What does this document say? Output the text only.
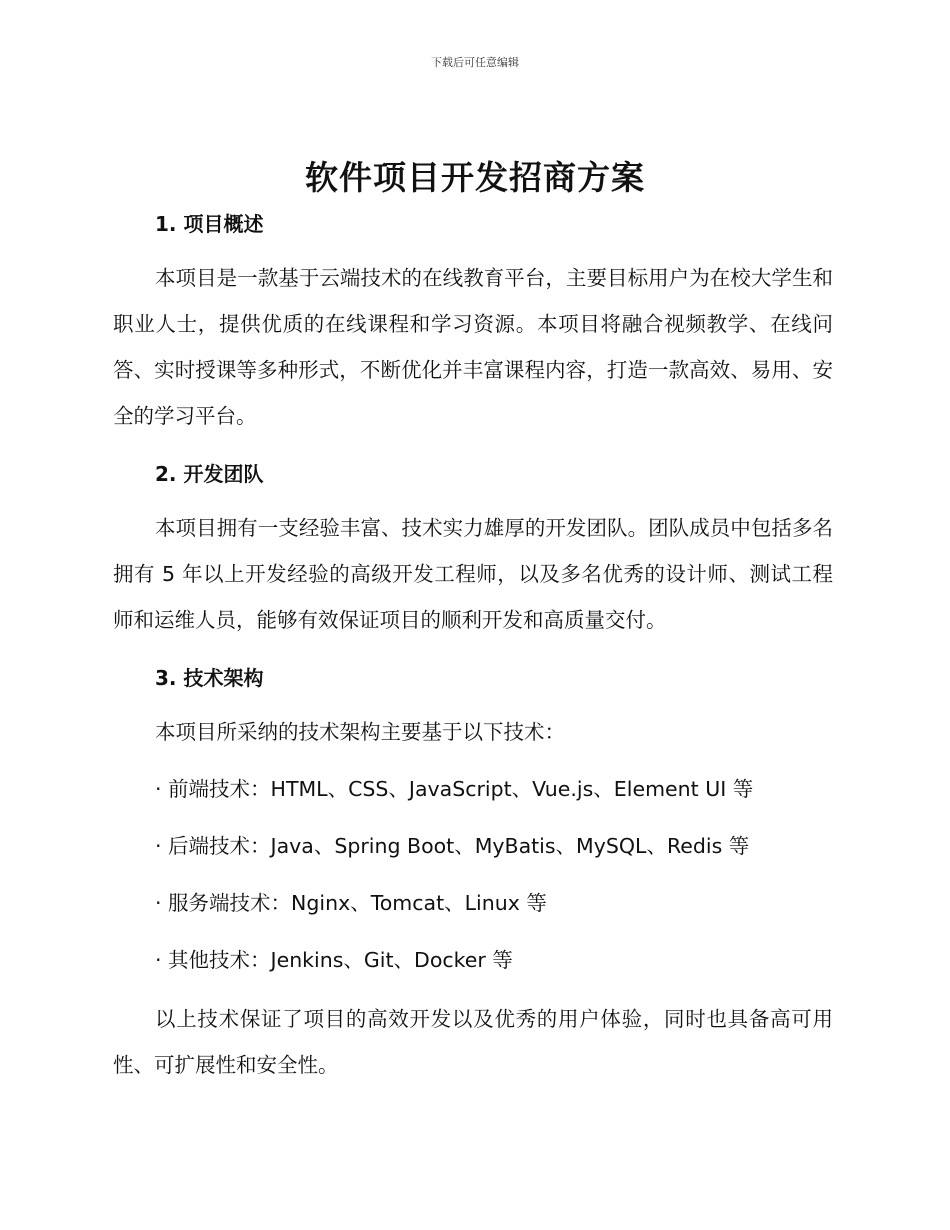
下载后可任意编辑
软件项目开发招商方案
1. 项目概述
本项目是一款基于云端技术的在线教育平台，主要目标用户为在校大学生和职业人士，提供优质的在线课程和学习资源。本项目将融合视频教学、在线问答、实时授课等多种形式，不断优化并丰富课程内容，打造一款高效、易用、安全的学习平台。
2. 开发团队
本项目拥有一支经验丰富、技术实力雄厚的开发团队。团队成员中包括多名拥有 5 年以上开发经验的高级开发工程师，以及多名优秀的设计师、测试工程师和运维人员，能够有效保证项目的顺利开发和高质量交付。
3. 技术架构
本项目所采纳的技术架构主要基于以下技术：
· 前端技术：HTML、CSS、JavaScript、Vue.js、Element UI 等
· 后端技术：Java、Spring Boot、MyBatis、MySQL、Redis 等
· 服务端技术：Nginx、Tomcat、Linux 等
· 其他技术：Jenkins、Git、Docker 等
以上技术保证了项目的高效开发以及优秀的用户体验，同时也具备高可用性、可扩展性和安全性。
